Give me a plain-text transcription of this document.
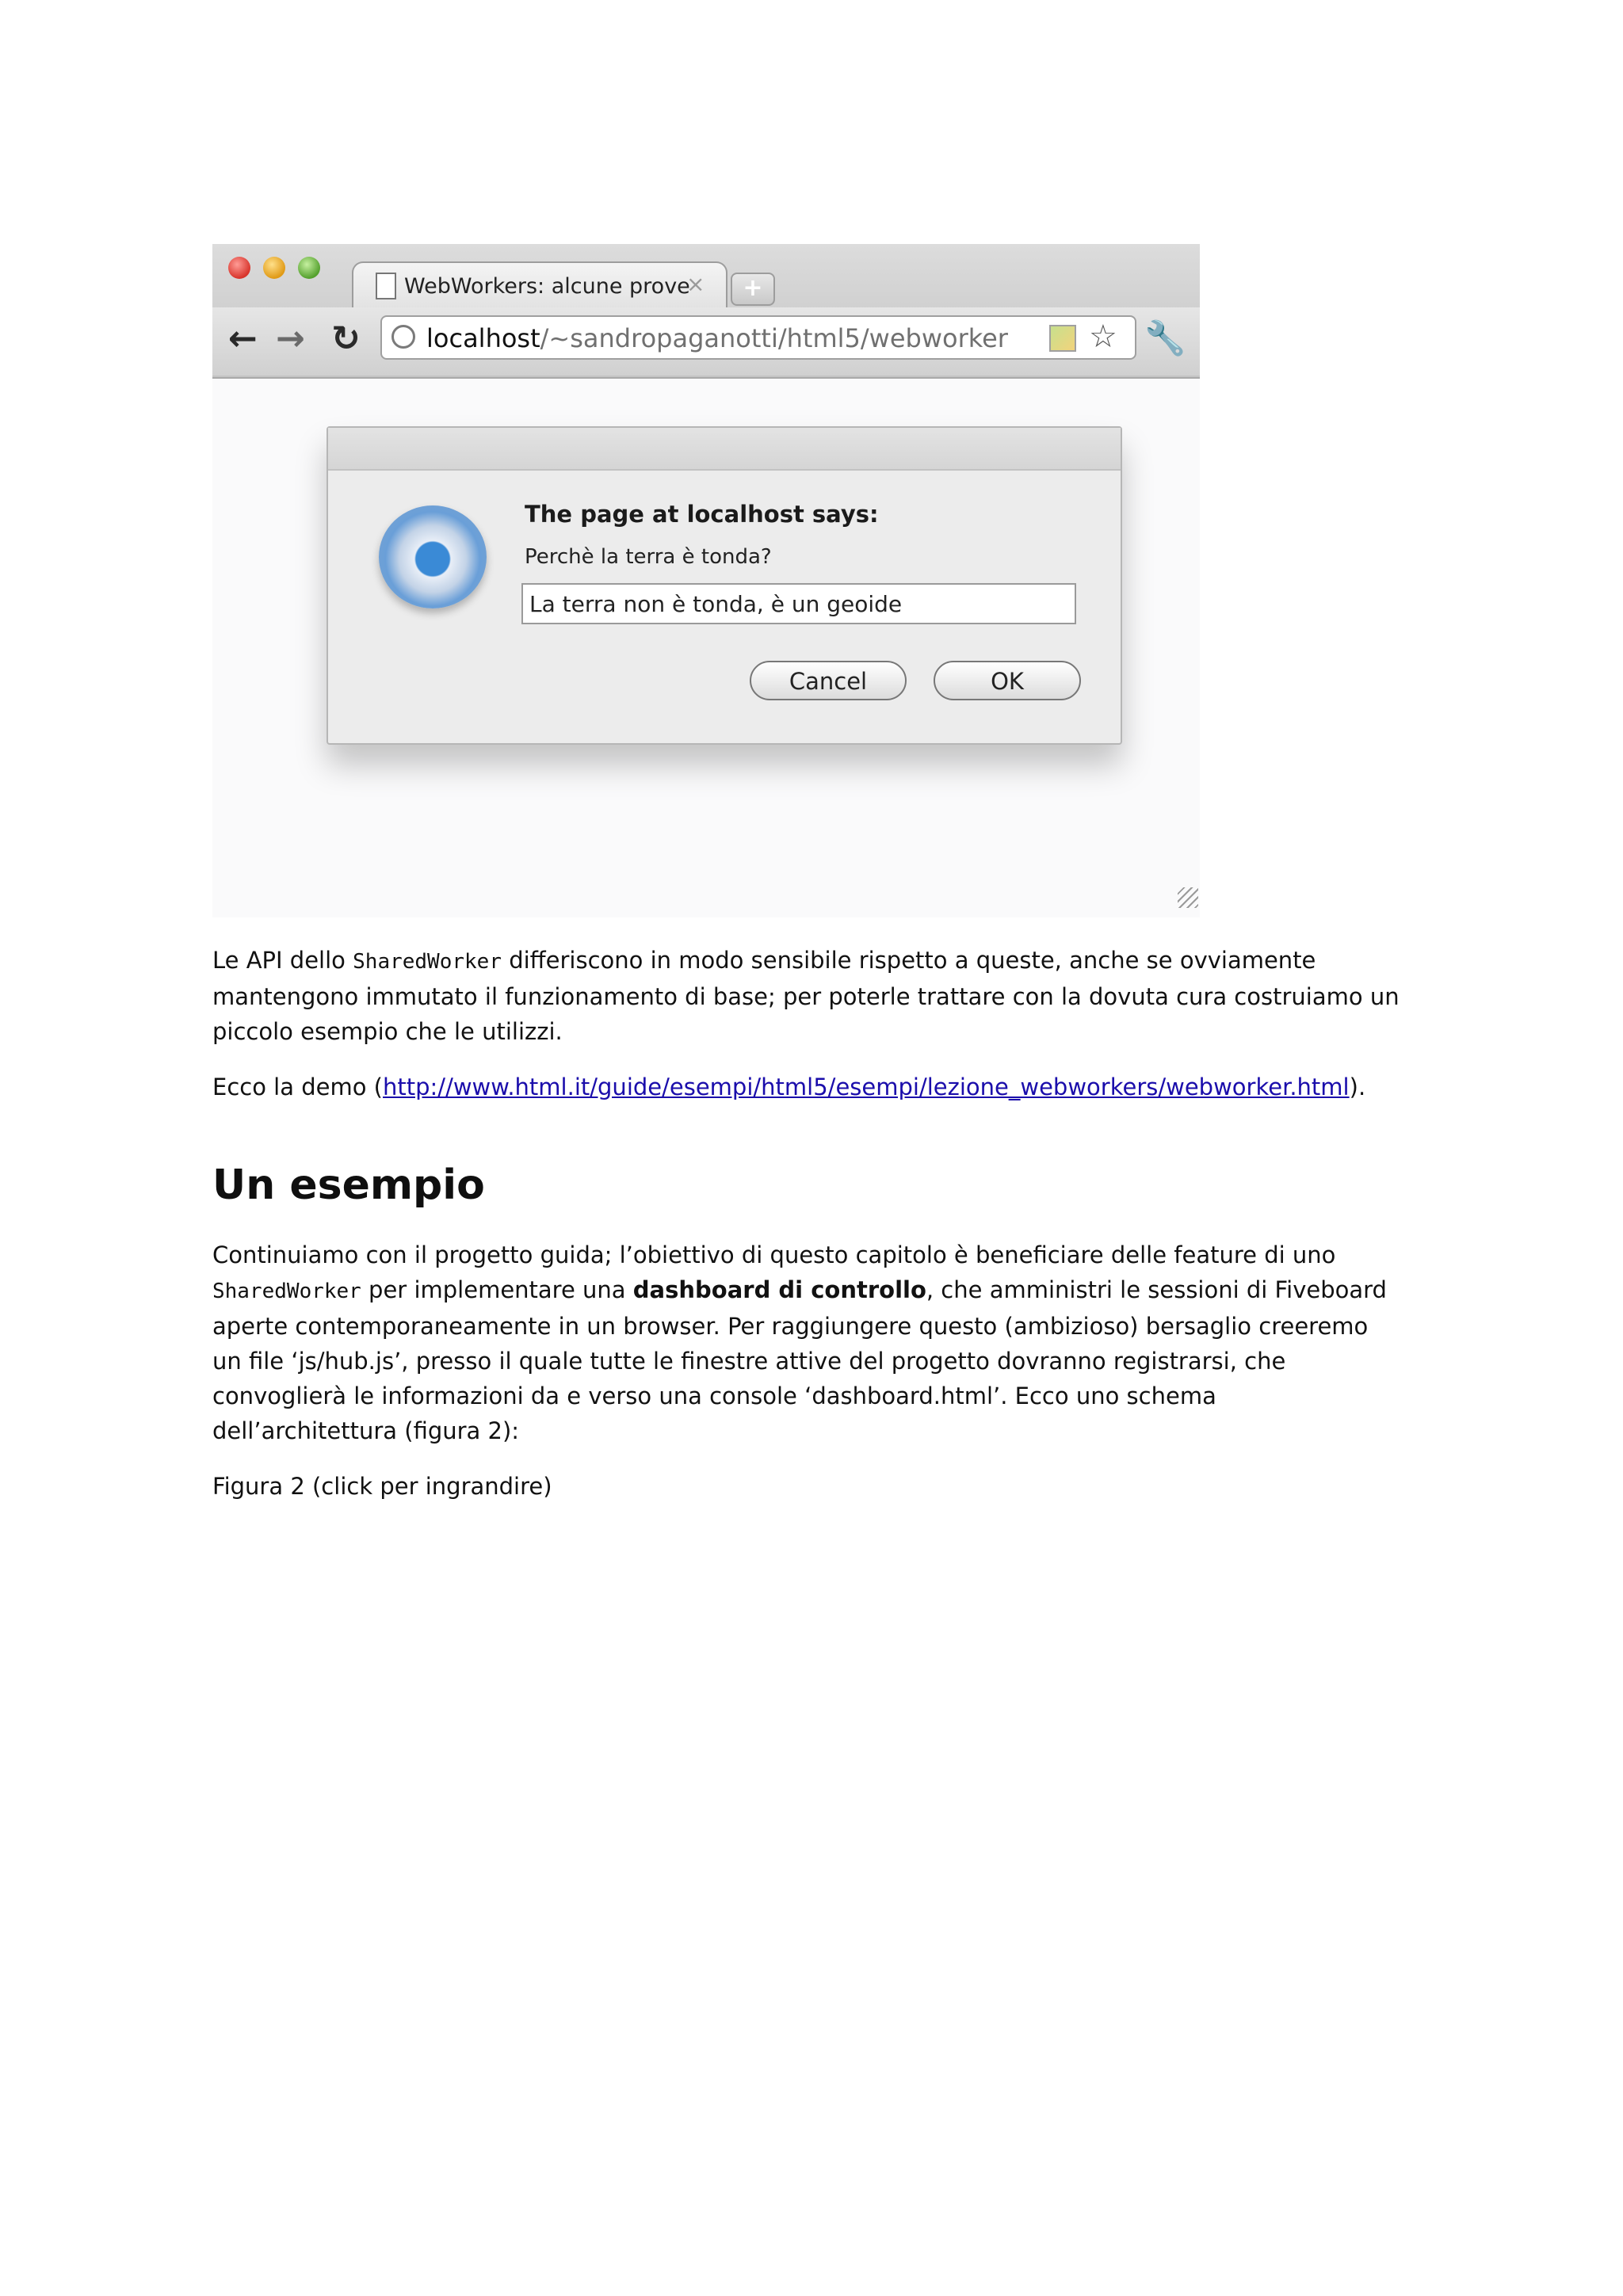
WebWorkers: alcune prove
×	+
← → ↻	localhost/~sandropaganotti/html5/webworker	☆ 🔧
The page at localhost says:
Perchè la terra è tonda?
La terra non è tonda, è un geoide
Cancel	OK

Le API dello SharedWorker differiscono in modo sensibile rispetto a queste, anche se ovviamente mantengono immutato il funzionamento di base; per poterle trattare con la dovuta cura costruiamo un piccolo esempio che le utilizzi.

Ecco la demo (http://www.html.it/guide/esempi/html5/esempi/lezione_webworkers/webworker.html).

Un esempio

Continuiamo con il progetto guida; l’obiettivo di questo capitolo è beneficiare delle feature di uno SharedWorker per implementare una dashboard di controllo, che amministri le sessioni di Fiveboard aperte contemporaneamente in un browser. Per raggiungere questo (ambizioso) bersaglio creeremo un file ‘js/hub.js’, presso il quale tutte le finestre attive del progetto dovranno registrarsi, che convoglierà le informazioni da e verso una console ‘dashboard.html’. Ecco uno schema dell’architettura (figura 2):

Figura 2 (click per ingrandire)
